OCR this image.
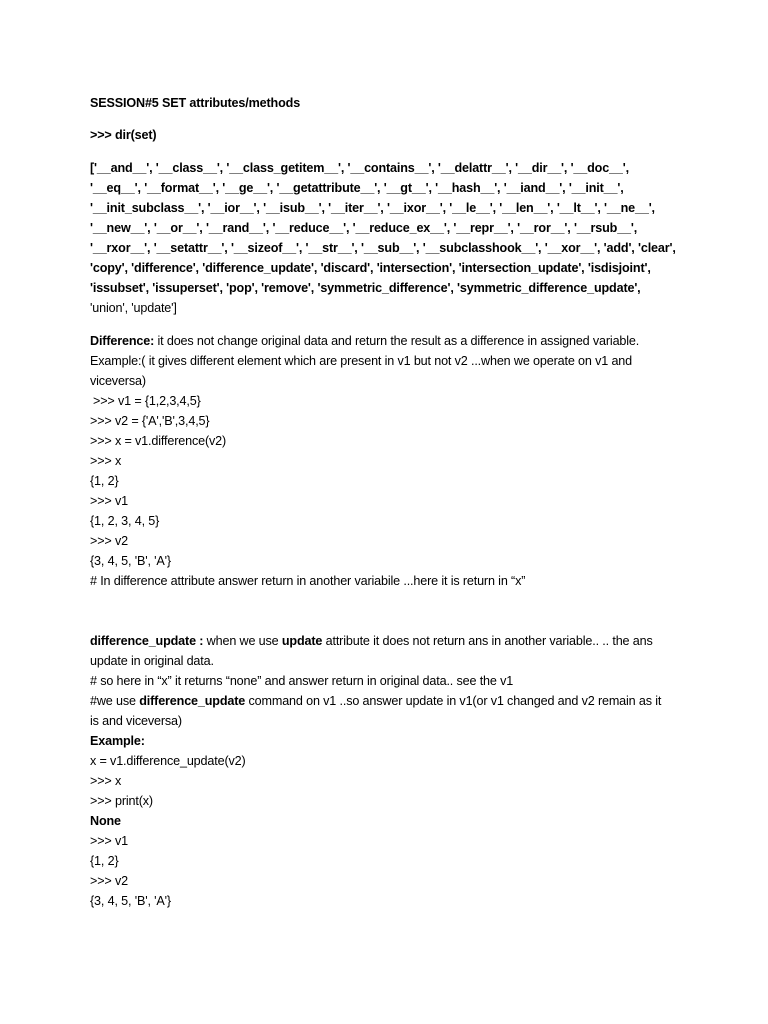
SESSION#5 SET attributes/methods

>>> dir(set)

['__and__', '__class__', '__class_getitem__', '__contains__', '__delattr__', '__dir__', '__doc__',

'__eq__', '__format__', '__ge__', '__getattribute__', '__gt__', '__hash__', '__iand__', '__init__',

'__init_subclass__', '__ior__', '__isub__', '__iter__', '__ixor__', '__le__', '__len__', '__lt__', '__ne__',

'__new__', '__or__', '__rand__', '__reduce__', '__reduce_ex__', '__repr__', '__ror__', '__rsub__',

'__rxor__', '__setattr__', '__sizeof__', '__str__', '__sub__', '__subclasshook__', '__xor__', 'add', 'clear',

'copy', 'difference', 'difference_update', 'discard', 'intersection', 'intersection_update', 'isdisjoint',

'issubset', 'issuperset', 'pop', 'remove', 'symmetric_difference', 'symmetric_difference_update',

'union', 'update']

Difference: it does not change original data and return the result as a difference in assigned variable.

Example:( it gives different element which are present in v1 but not v2 ...when we operate on v1 and

viceversa)

>>> v1 = {1,2,3,4,5}

>>> v2 = {'A','B',3,4,5}

>>> x = v1.difference(v2)

>>> x

{1, 2}

>>> v1

{1, 2, 3, 4, 5}

>>> v2

{3, 4, 5, 'B', 'A'}

# In difference attribute answer return in another variabile ...here it is return in “x”

difference_update : when we use update attribute it does not return ans in another variable.. .. the ans

update in original data.

# so here in “x” it returns “none” and answer return in original data.. see the v1

#we use difference_update command on v1 ..so answer update in v1(or v1 changed and v2 remain as it

is and viceversa)

Example:

x = v1.difference_update(v2)

>>> x

>>> print(x)

None

>>> v1

{1, 2}

>>> v2

{3, 4, 5, 'B', 'A'}
